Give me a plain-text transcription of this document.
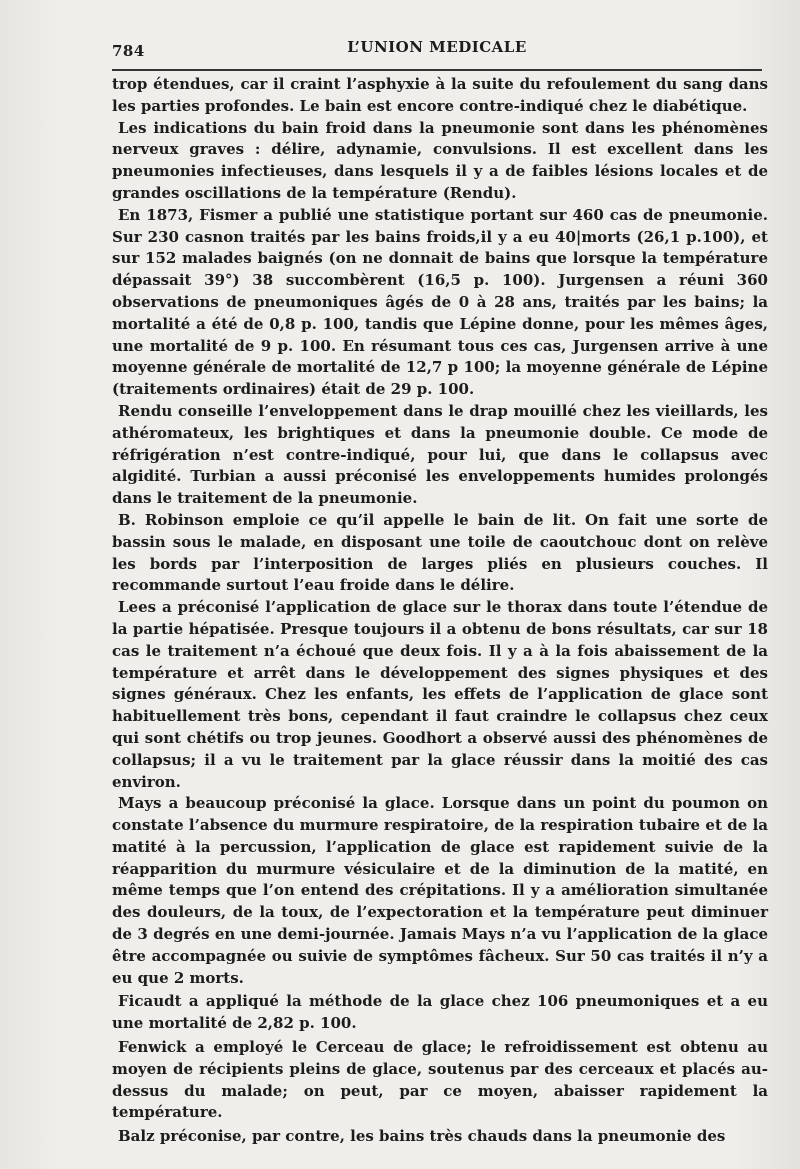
784	L’UNION MEDICALE

trop étendues, car il craint l’asphyxie à la suite du refoulement du sang dans les parties profondes. Le bain est encore contre-indiqué chez le diabétique.

Les indications du bain froid dans la pneumonie sont dans les phénomènes nerveux graves : délire, adynamie, convulsions. Il est excellent dans les pneumonies infectieuses, dans lesquels il y a de faibles lésions locales et de grandes oscillations de la température (Rendu).

En 1873, Fismer a publié une statistique portant sur 460 cas de pneumonie. Sur 230 casnon traités par les bains froids,il y a eu 40|morts (26,1 p.100), et sur 152 malades baignés (on ne donnait de bains que lorsque la température dépassait 39°) 38 succombèrent (16,5 p. 100). Jurgensen a réuni 360 observations de pneumoniques âgés de 0 à 28 ans, traités par les bains; la mortalité a été de 0,8 p. 100, tandis que Lépine donne, pour les mêmes âges, une mortalité de 9 p. 100. En résumant tous ces cas, Jurgensen arrive à une moyenne générale de mortalité de 12,7 p 100; la moyenne générale de Lépine (traitements ordinaires) était de 29 p. 100.

Rendu conseille l’enveloppement dans le drap mouillé chez les vieillards, les athéromateux, les brightiques et dans la pneumonie double. Ce mode de réfrigération n’est contre-indiqué, pour lui, que dans le collapsus avec algidité. Turbian a aussi préconisé les enveloppements humides prolongés dans le traitement de la pneumonie.

B. Robinson emploie ce qu’il appelle le bain de lit. On fait une sorte de bassin sous le malade, en disposant une toile de caoutchouc dont on relève les bords par l’interposition de larges pliés en plusieurs couches. Il recommande surtout l’eau froide dans le délire.

Lees a préconisé l’application de glace sur le thorax dans toute l’étendue de la partie hépatisée. Presque toujours il a obtenu de bons résultats, car sur 18 cas le traitement n’a échoué que deux fois. Il y a à la fois abaissement de la température et arrêt dans le développement des signes physiques et des signes généraux. Chez les enfants, les effets de l’application de glace sont habituellement très bons, cependant il faut craindre le collapsus chez ceux qui sont chétifs ou trop jeunes. Goodhort a observé aussi des phénomènes de collapsus; il a vu le traitement par la glace réussir dans la moitié des cas environ.

Mays a beaucoup préconisé la glace. Lorsque dans un point du poumon on constate l’absence du murmure respiratoire, de la respiration tubaire et de la matité à la percussion, l’application de glace est rapidement suivie de la réapparition du murmure vésiculaire et de la diminution de la matité, en même temps que l’on entend des crépitations. Il y a amélioration simultanée des douleurs, de la toux, de l’expectoration et la température peut diminuer de 3 degrés en une demi-journée. Jamais Mays n’a vu l’application de la glace être accompagnée ou suivie de symptômes fâcheux. Sur 50 cas traités il n’y a eu que 2 morts.

Ficaudt a appliqué la méthode de la glace chez 106 pneumoniques et a eu une mortalité de 2,82 p. 100.

Fenwick a employé le Cerceau de glace; le refroidissement est obtenu au moyen de récipients pleins de glace, soutenus par des cerceaux et placés au-dessus du malade; on peut, par ce moyen, abaisser rapidement la température.

Balz préconise, par contre, les bains très chauds dans la pneumonie des
